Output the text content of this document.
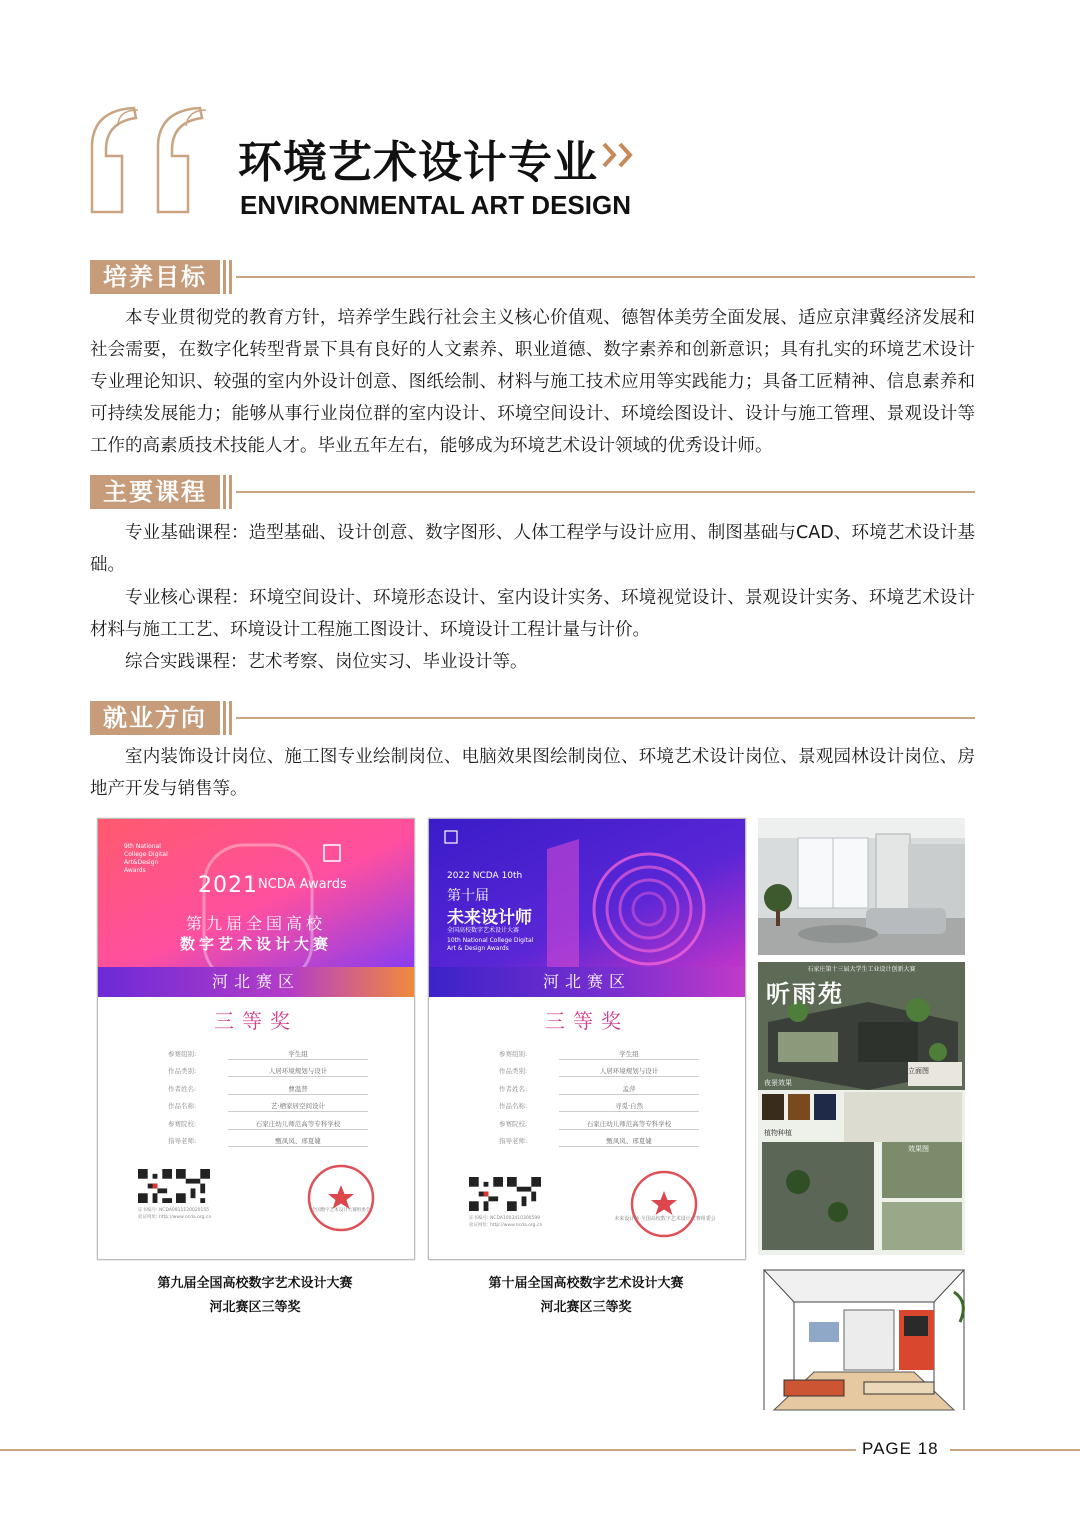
环境艺术设计专业
ENVIRONMENTAL ART DESIGN
培养目标

本专业贯彻党的教育方针，培养学生践行社会主义核心价值观、德智体美劳全面发展、适应京津冀经济发展和社会需要，在数字化转型背景下具有良好的人文素养、职业道德、数字素养和创新意识；具有扎实的环境艺术设计专业理论知识、较强的室内外设计创意、图纸绘制、材料与施工技术应用等实践能力；具备工匠精神、信息素养和可持续发展能力；能够从事行业岗位群的室内设计、环境空间设计、环境绘图设计、设计与施工管理、景观设计等工作的高素质技术技能人才。毕业五年左右，能够成为环境艺术设计领域的优秀设计师。

主要课程

专业基础课程：造型基础、设计创意、数字图形、人体工程学与设计应用、制图基础与CAD、环境艺术设计基础。

专业核心课程：环境空间设计、环境形态设计、室内设计实务、环境视觉设计、景观设计实务、环境艺术设计材料与施工工艺、环境设计工程施工图设计、环境设计工程计量与计价。

综合实践课程：艺术考察、岗位实习、毕业设计等。

就业方向

室内装饰设计岗位、施工图专业绘制岗位、电脑效果图绘制岗位、环境艺术设计岗位、景观园林设计岗位、房地产开发与销售等。

9th National
College Digital
Art&Design
Awards
2021 NCDA Awards
第九届全国高校
数字艺术设计大赛
河北赛区
三等奖
参赛组别:	学生组
作品类别:	人居环境规划与设计
作者姓名:	曹温普
作品名称:	艺·栖家居空间设计
参赛院校:	石家庄幼儿师范高等专科学校
指导老师:	甄凤凤、邢夏婕
证书编号: NCDA0911120020155
验证网址: http://www.ncda.org.cn
全国数字艺术设计大赛组委会
第九届全国高校数字艺术设计大赛
河北赛区三等奖
2022 NCDA 10th
第十届
未来设计师
全国高校数字艺术设计大赛
10th National College Digital
Art & Design Awards
河北赛区
三等奖
参赛组别:	学生组
作品类别:	人居环境规划与设计
作者姓名:	孟萍
作品名称:	寻觅·自然
参赛院校:	石家庄幼儿师范高等专科学校
指导老师:	甄凤凤、邢夏婕
证书编号: NCDA1003410300599
验证网址: http://www.ncda.org.cn
未来设计师·全国高校数字艺术设计大赛组委会
第十届全国高校数字艺术设计大赛
河北赛区三等奖
石家庄第十三届大学生工业设计创新大赛
听雨苑
立面图
夜景效果
植物种植
效果图
PAGE 18
